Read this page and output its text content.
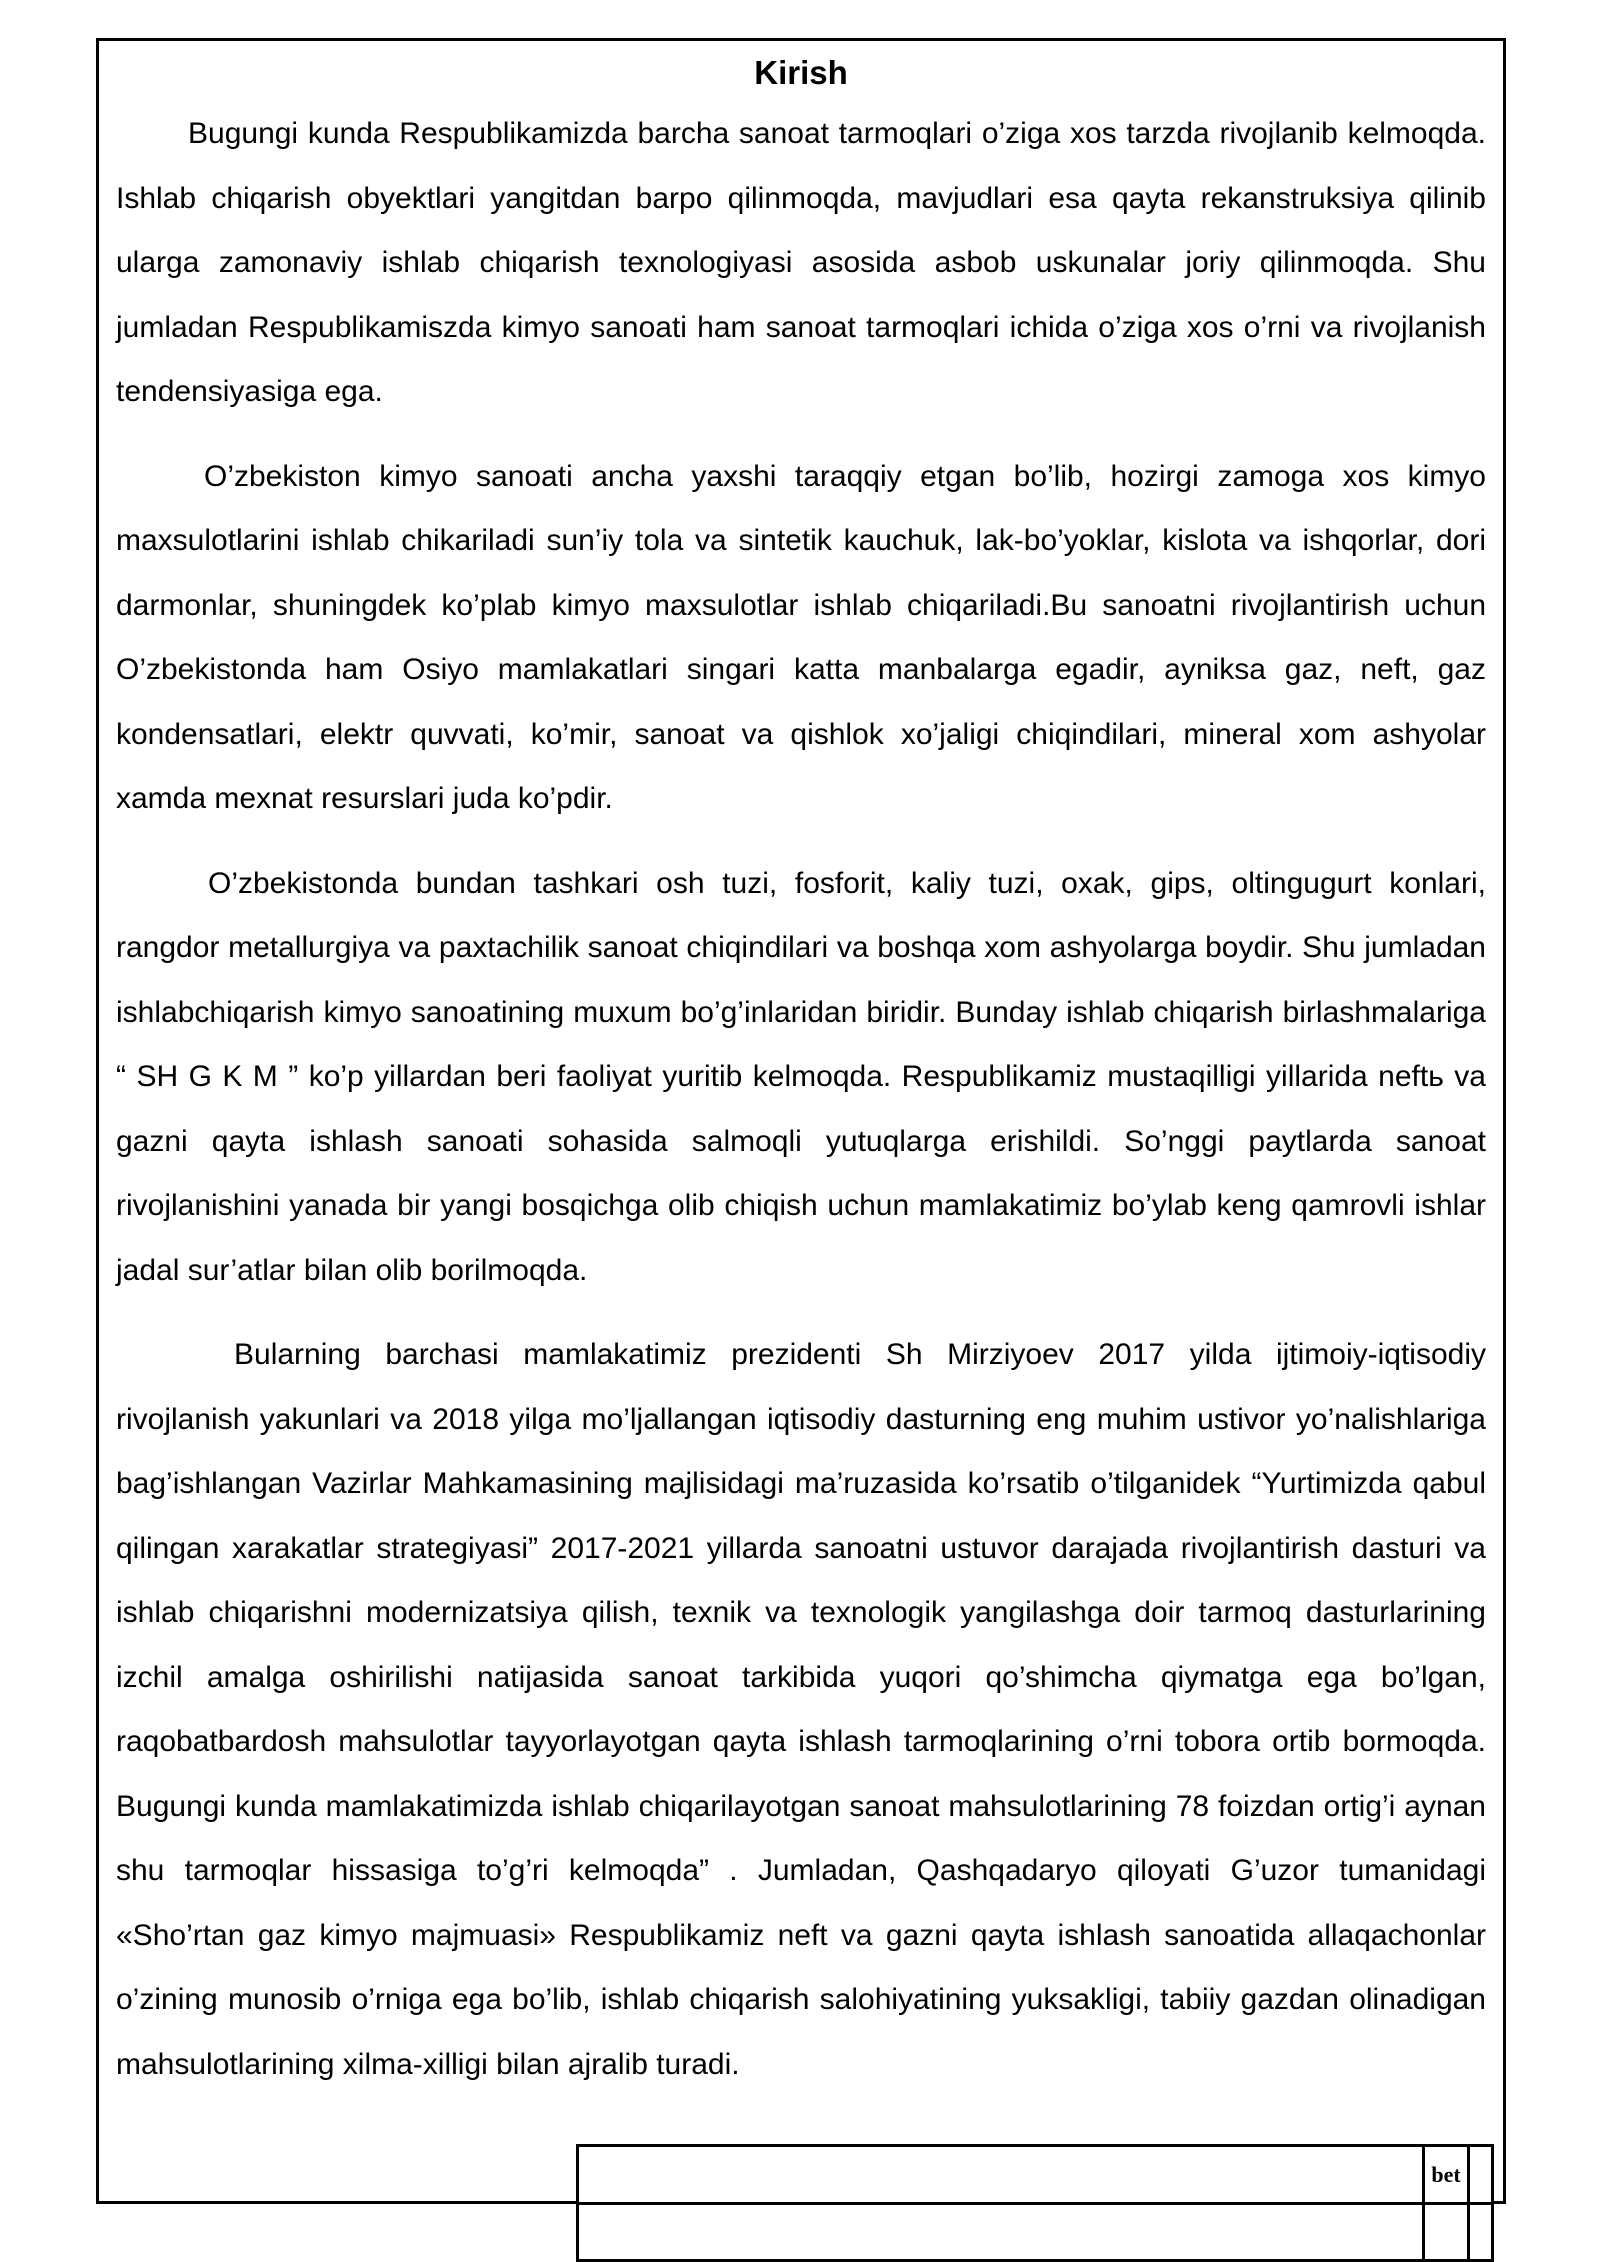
Kirish

Bugungi kunda Respublikamizda barcha sanoat tarmoqlari o’ziga xos tarzda rivojlanib kelmoqda. Ishlab chiqarish obyektlari yangitdan barpo qilinmoqda, mavjudlari esa qayta rekanstruksiya qilinib ularga zamonaviy ishlab chiqarish texnologiyasi asosida asbob uskunalar joriy qilinmoqda. Shu jumladan Respublikamiszda kimyo sanoati ham sanoat tarmoqlari ichida o’ziga xos o’rni va rivojlanish tendensiyasiga ega.

O’zbekiston kimyo sanoati ancha yaxshi taraqqiy etgan bo’lib, hozirgi zamoga xos kimyo maxsulotlarini ishlab chikariladi sun’iy tola va sintetik kauchuk, lak-bo’yoklar, kislota va ishqorlar, dori darmonlar, shuningdek ko’plab kimyo maxsulotlar ishlab chiqariladi.Bu sanoatni rivojlantirish uchun O’zbekistonda ham Osiyo mamlakatlari singari katta manbalarga egadir, ayniksa gaz, neft, gaz kondensatlari, elektr quvvati, ko’mir, sanoat va qishlok xo’jaligi chiqindilari, mineral xom ashyolar xamda mexnat resurslari juda ko’pdir.

O’zbekistonda bundan tashkari osh tuzi, fosforit, kaliy tuzi, oxak, gips, oltingugurt konlari, rangdor metallurgiya va paxtachilik sanoat chiqindilari va boshqa xom ashyolarga boydir. Shu jumladan ishlabchiqarish kimyo sanoatining muxum bo’g’inlaridan biridir. Bunday ishlab chiqarish birlashmalariga “ SH G K M ” ko’p yillardan beri faoliyat yuritib kelmoqda. Respublikamiz mustaqilligi yillarida neftь va gazni qayta ishlash sanoati sohasida salmoqli yutuqlarga erishildi. So’nggi paytlarda sanoat rivojlanishini yanada bir yangi bosqichga olib chiqish uchun mamlakatimiz bo’ylab keng qamrovli ishlar jadal sur’atlar bilan olib borilmoqda.

Bularning barchasi mamlakatimiz prezidenti Sh Mirziyoev 2017 yilda ijtimoiy-iqtisodiy rivojlanish yakunlari va 2018 yilga mo’ljallangan iqtisodiy dasturning eng muhim ustivor yo’nalishlariga bag’ishlangan Vazirlar Mahkamasining majlisidagi ma’ruzasida ko’rsatib o’tilganidek “Yurtimizda qabul qilingan xarakatlar strategiyasi” 2017-2021 yillarda sanoatni ustuvor darajada rivojlantirish dasturi va ishlab chiqarishni modernizatsiya qilish, texnik va texnologik yangilashga doir tarmoq dasturlarining izchil amalga oshirilishi natijasida sanoat tarkibida yuqori qo’shimcha qiymatga ega bo’lgan, raqobatbardosh mahsulotlar tayyorlayotgan qayta ishlash tarmoqlarining o’rni tobora ortib bormoqda. Bugungi kunda mamlakatimizda ishlab chiqarilayotgan sanoat mahsulotlarining 78 foizdan ortig’i aynan shu tarmoqlar hissasiga to’g’ri kelmoqda” . Jumladan, Qashqadaryo qiloyati G’uzor tumanidagi «Sho’rtan gaz kimyo majmuasi» Respublikamiz neft va gazni qayta ishlash sanoatida allaqachonlar o’zining munosib o’rniga ega bo’lib, ishlab chiqarish salohiyatining yuksakligi, tabiiy gazdan olinadigan mahsulotlarining xilma-xilligi bilan ajralib turadi.

bet
